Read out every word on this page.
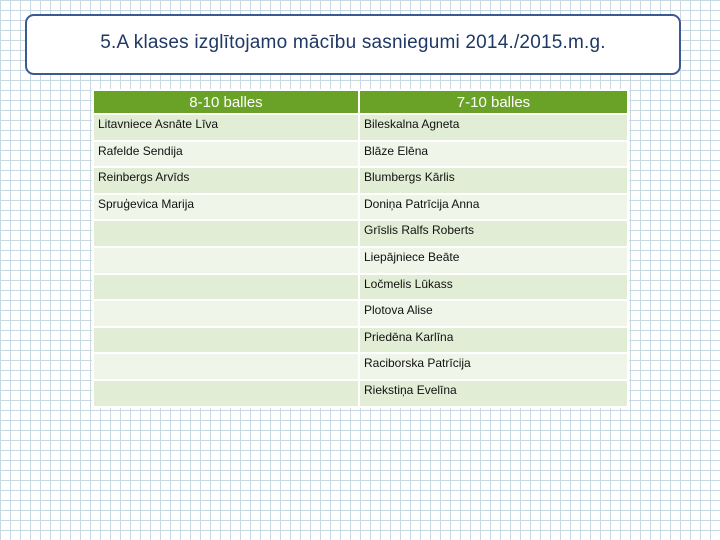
5.A klases izglītojamo mācību sasniegumi 2014./2015.m.g.
8-10 balles	7-10 balles
Litavniece Asnāte Līva	Bileskalna Agneta
Rafelde Sendija	Blāze Elēna
Reinbergs Arvīds	Blumbergs Kārlis
Spruģevica Marija	Doniņa Patrīcija Anna
	Grīslis Ralfs Roberts
	Liepājniece Beāte
	Ločmelis Lūkass
	Plotova Alise
	Priedēna Karlīna
	Raciborska Patrīcija
	Riekstiņa Evelīna
